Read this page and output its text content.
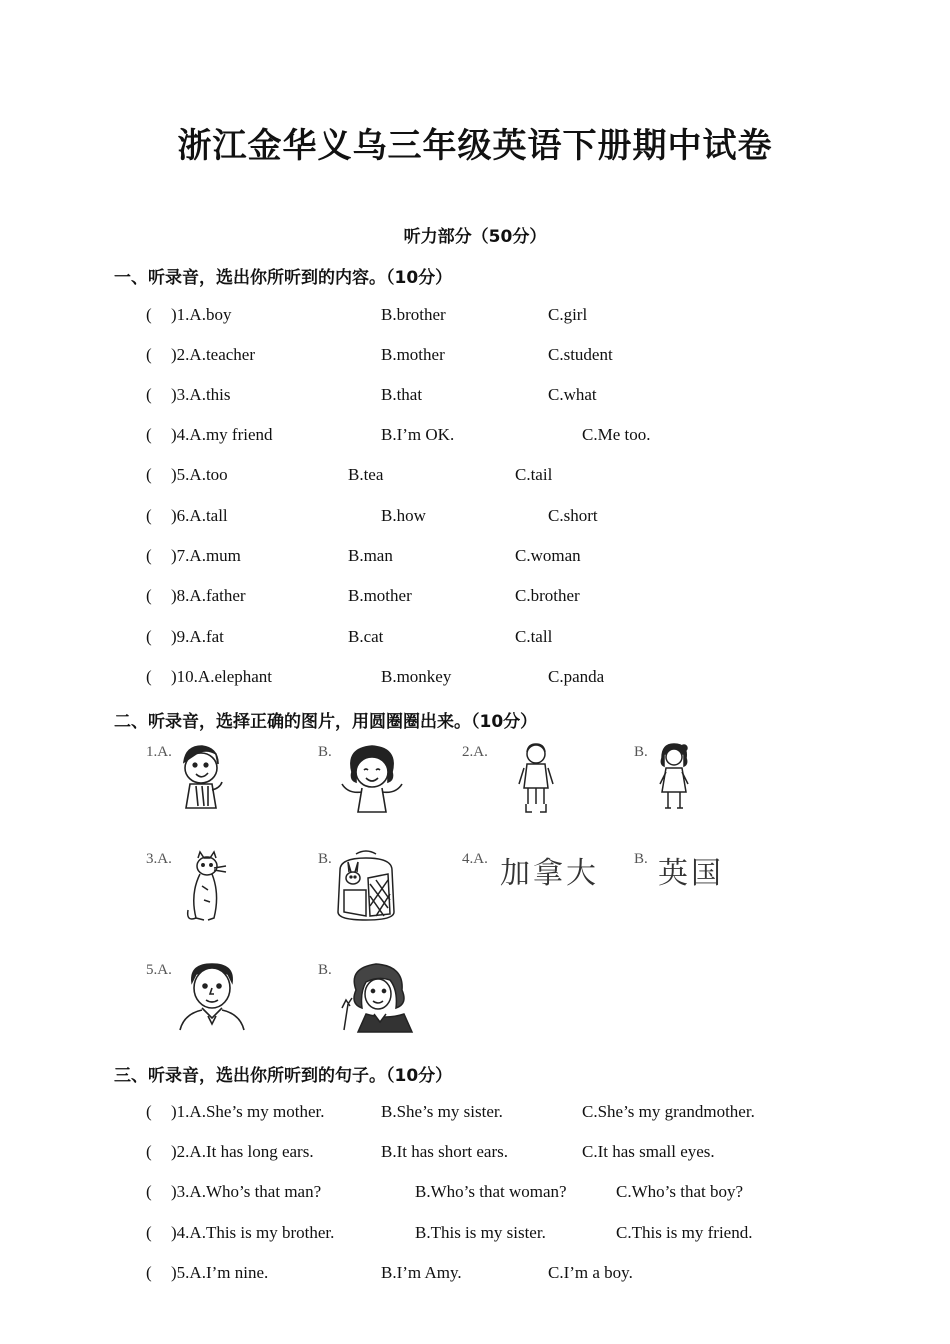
浙江金华义乌三年级英语下册期中试卷
听力部分（50分）
一、听录音，选出你所听到的内容。（10分）
( )1.A.boy	B.brother	C.girl
( )2.A.teacher	B.mother	C.student
( )3.A.this	B.that	C.what
( )4.A.my friend	B.I’m OK.	C.Me too.
( )5.A.too	B.tea	C.tail
( )6.A.tall	B.how	C.short
( )7.A.mum	B.man	C.woman
( )8.A.father	B.mother	C.brother
( )9.A.fat	B.cat	C.tall
( )10.A.elephant	B.monkey	C.panda
二、听录音，选择正确的图片，用圆圈圈出来。（10分）
1.A.	B.	2.A.	B.
3.A.	B.	4.A. 加拿大 B. 英国
5.A.	B.
三、听录音，选出你所听到的句子。（10分）
( )1.A.She’s my mother.	B.She’s my sister.	C.She’s my grandmother.
( )2.A.It has long ears.	B.It has short ears.	C.It has small eyes.
( )3.A.Who’s that man?	B.Who’s that woman?	C.Who’s that boy?
( )4.A.This is my brother.	B.This is my sister.	C.This is my friend.
( )5.A.I’m nine.	B.I’m Amy.	C.I’m a boy.
